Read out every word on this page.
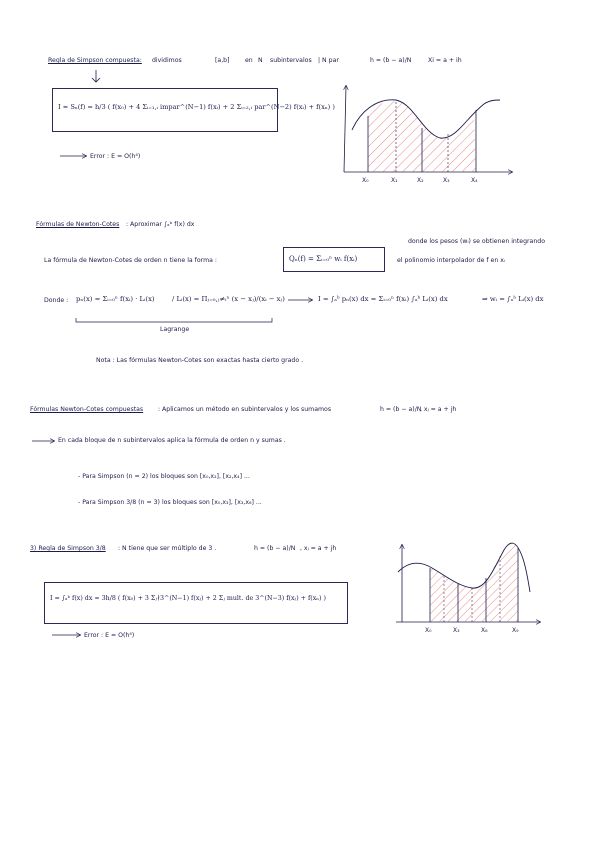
Regla de Simpson compuesta: dividimos	[a,b] en N subintervalos | N par	h = (b − a)/N	Xi = a + ih
I ≈ Sₙ(f) = h/3 ( f(x₀) + 4 Σᵢ₌₁,ᵢ impar^(N−1) f(xᵢ) + 2 Σᵢ₌₂,ᵢ par^(N−2) f(xᵢ) + f(xₙ) )
Error : E = O(h⁴)
Fórmulas de Newton-Cotes : Aproximar ∫ₐᵇ f(x) dx
donde los pesos (wᵢ) se obtienen integrando
La fórmula de Newton-Cotes de orden n tiene la forma :	Qₙ(f) = Σᵢ₌₀ⁿ wᵢ f(xᵢ)	el polinomio interpolador de f en xᵢ
Donde : pₙ(x) = Σᵢ₌₀ⁿ f(xᵢ) · Lᵢ(x)	/ Lᵢ(x) = Πⱼ₌₀,ⱼ≠ᵢⁿ (x − xⱼ)/(xᵢ − xⱼ)
Lagrange
I = ∫ₐᵇ pₙ(x) dx = Σᵢ₌₀ⁿ f(xᵢ) ∫ₐᵇ Lᵢ(x) dx	⇒ wᵢ = ∫ₐᵇ Lᵢ(x) dx
Nota : Las fórmulas Newton-Cotes son exactas hasta cierto grado .
Fórmulas Newton-Cotes compuestas : Aplicamos un método en subintervalos y los sumamos	h = (b − a)/N
, xⱼ = a + jh
En cada bloque de n subintervalos aplica la fórmula de orden n y sumas .
- Para Simpson (n = 2) los bloques son [x₀,x₂], [x₂,x₄] ...
- Para Simpson 3/8 (n = 3) los bloques son [x₀,x₃], [x₃,x₆] ...
3) Regla de Simpson 3/8 : N tiene que ser múltiplo de 3 .	h = (b − a)/N , xⱼ = a + jh
I = ∫ₐᵇ f(x) dx ≈ 3h/8 ( f(x₀) + 3 Σⱼ∤3^(N−1) f(xⱼ) + 2 Σⱼ mult. de 3^(N−3) f(xⱼ) + f(xₙ) )
Error : E = O(h⁴)
X₀	X₁	X₂	X₃	X₄
X₀	X₃	X₆	X₉
